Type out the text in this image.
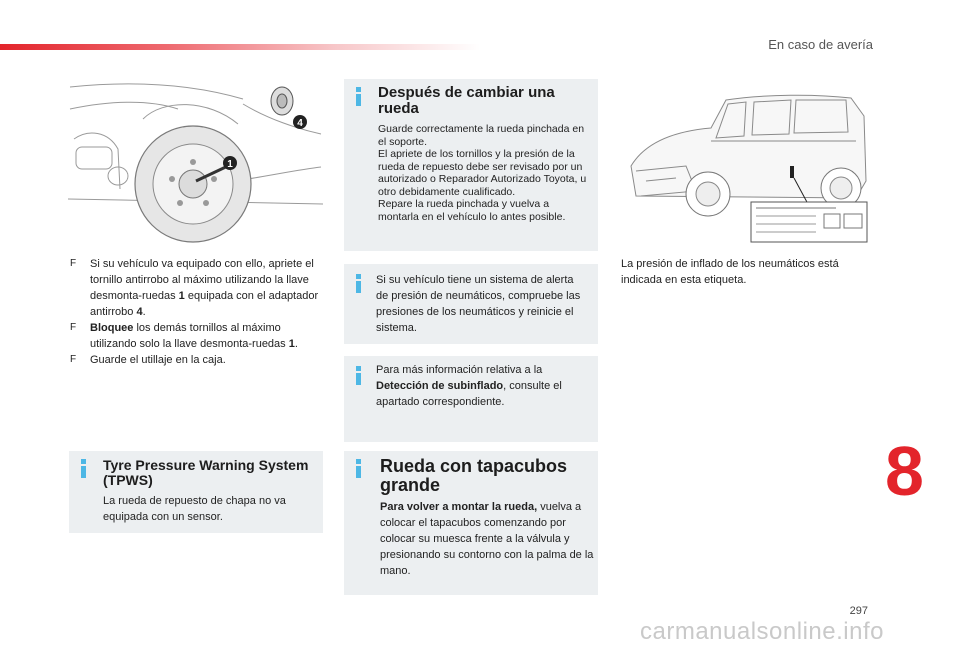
En caso de avería
4
1
F Si su vehículo va equipado con ello, apriete el tornillo antirrobo al máximo utilizando la llave desmonta-ruedas 1 equipada con el adaptador antirrobo 4.
F Bloquee los demás tornillos al máximo utilizando solo la llave desmonta-ruedas 1.
F Guarde el utillaje en la caja.
Tyre Pressure Warning System (TPWS)
La rueda de repuesto de chapa no va equipada con un sensor.
Después de cambiar una rueda
Guarde correctamente la rueda pinchada en el soporte.
El apriete de los tornillos y la presión de la rueda de repuesto debe ser revisado por un autorizado o Reparador Autorizado Toyota, u otro debidamente cualificado.
Repare la rueda pinchada y vuelva a montarla en el vehículo lo antes posible.
Si su vehículo tiene un sistema de alerta de presión de neumáticos, compruebe las presiones de los neumáticos y reinicie el sistema.
Para más información relativa a la Detección de subinflado, consulte el apartado correspondiente.
Rueda con tapacubos grande
Para volver a montar la rueda, vuelva a colocar el tapacubos comenzando por colocar su muesca frente a la válvula y presionando su contorno con la palma de la mano.
La presión de inflado de los neumáticos está indicada en esta etiqueta.
8
297
carmanualsonline.info
